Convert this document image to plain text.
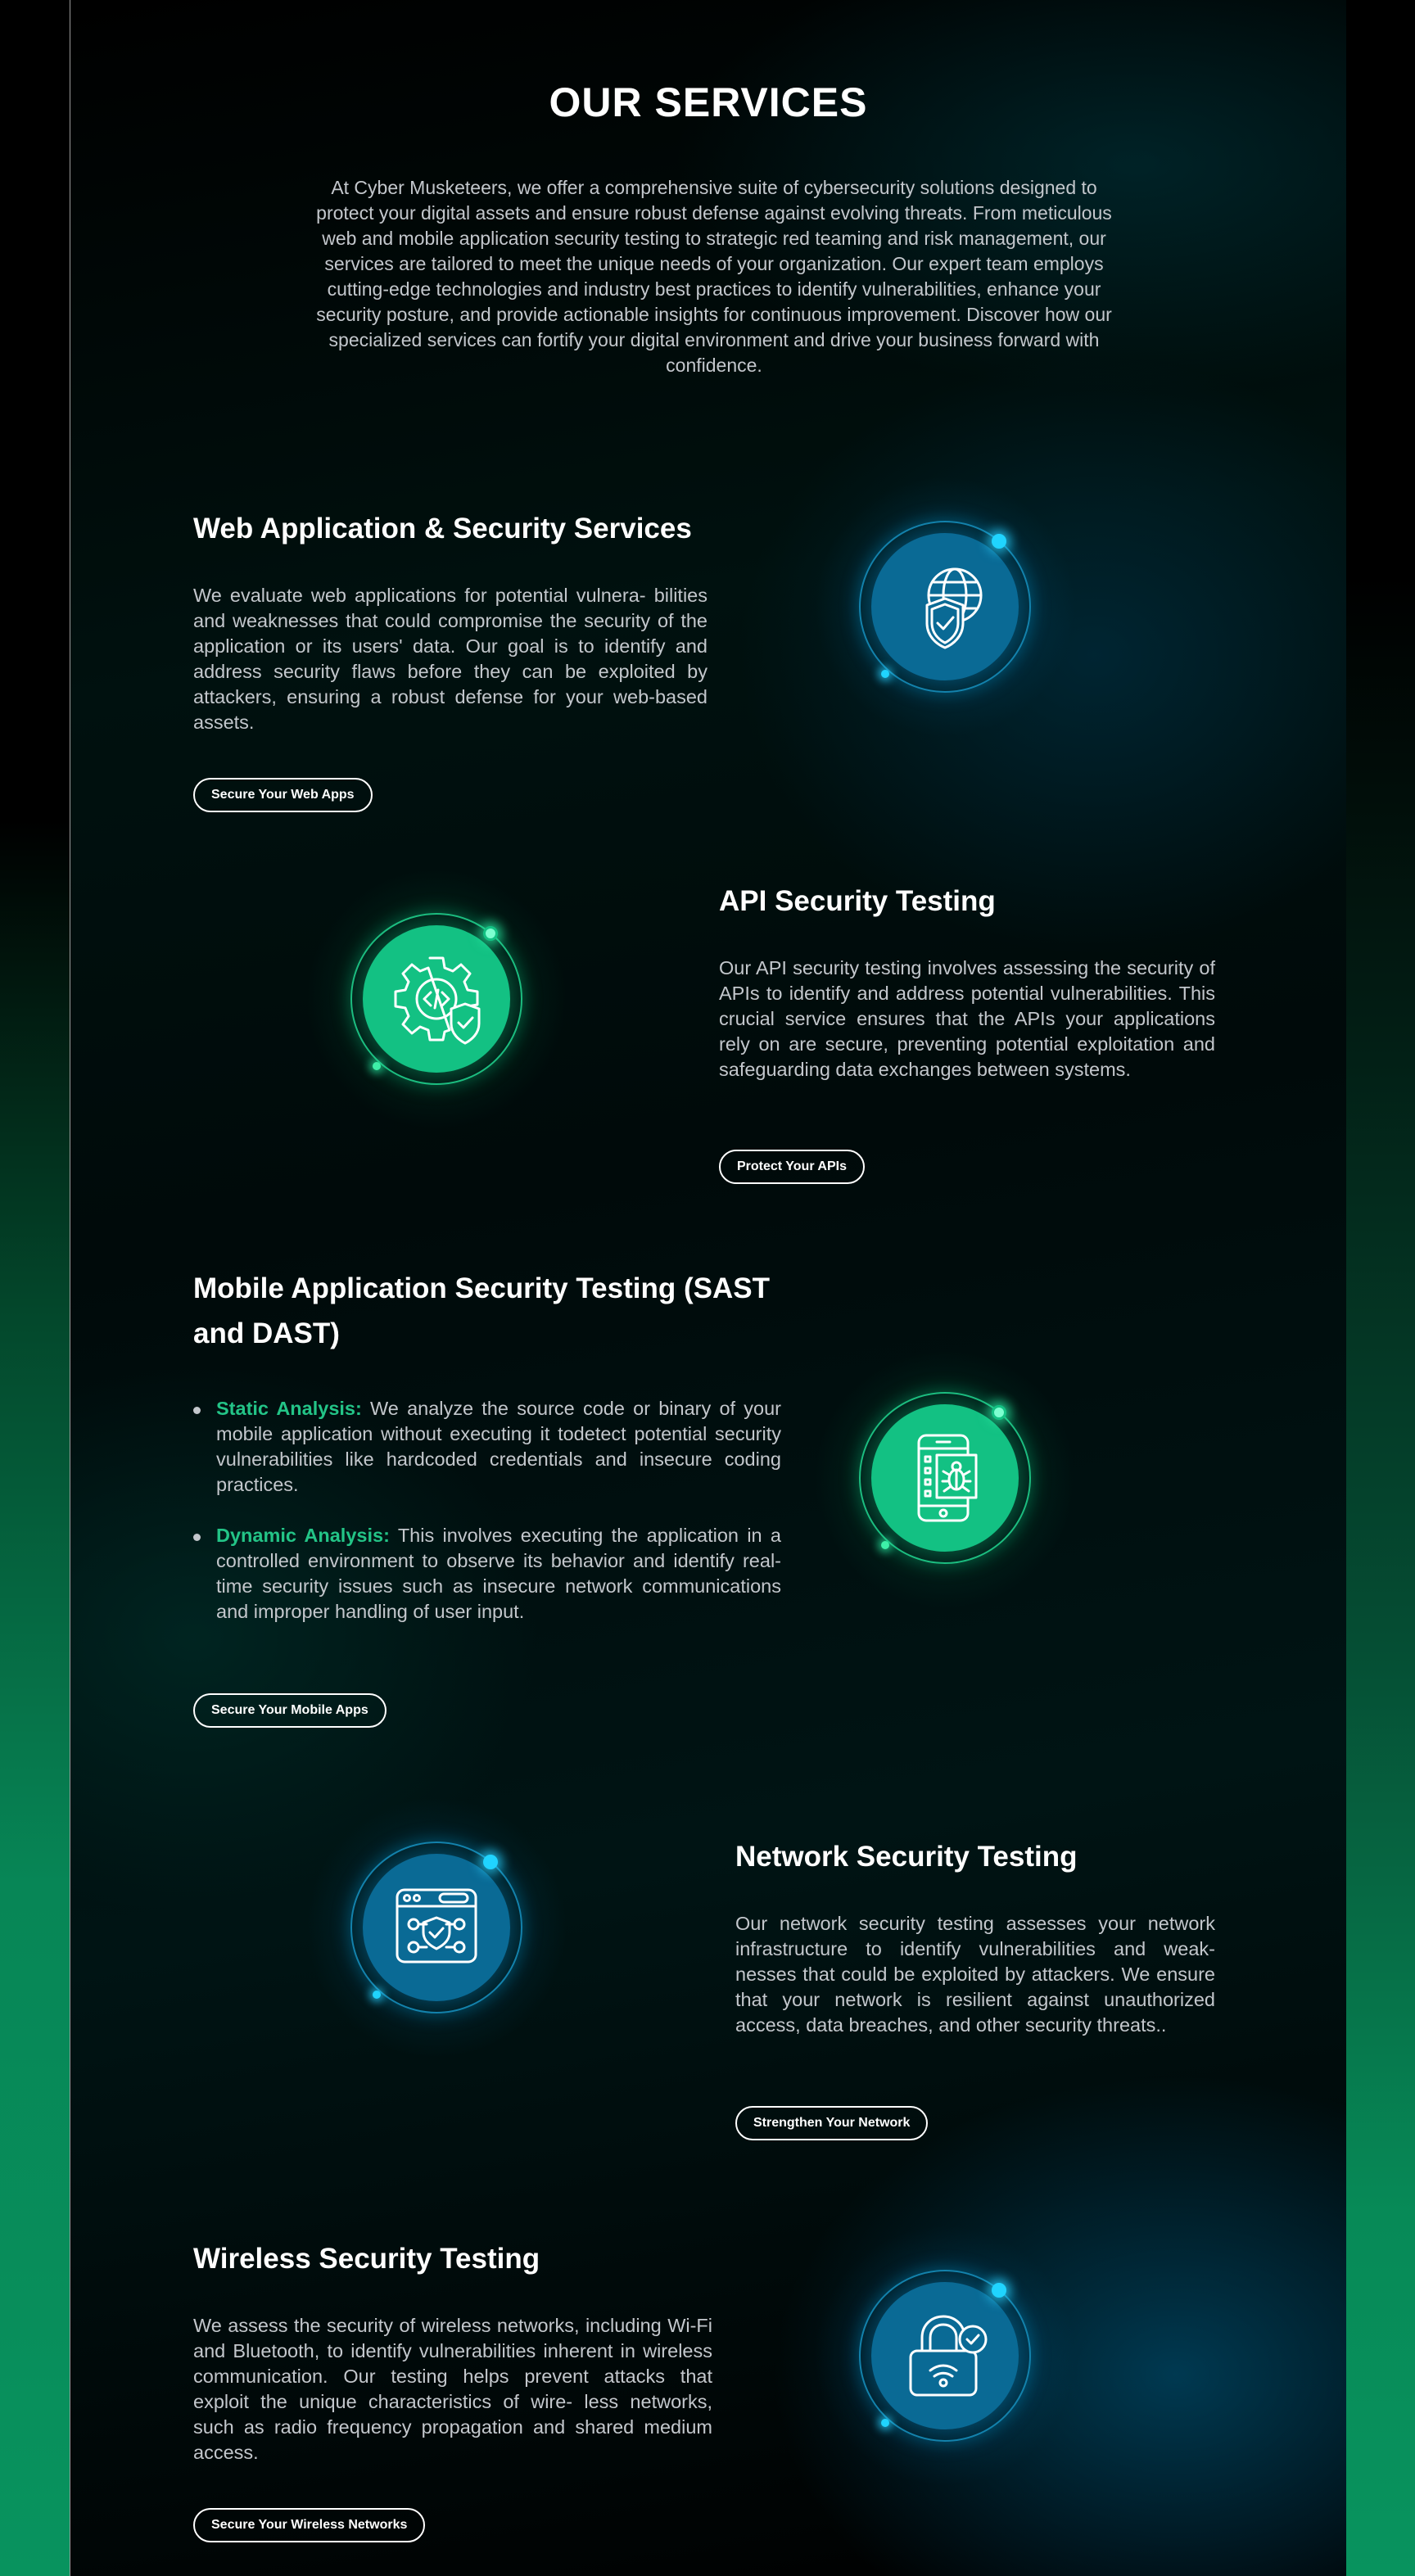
OUR SERVICES

At Cyber Musketeers, we offer a comprehensive suite of cybersecurity solutions designed to protect your digital assets and ensure robust defense against evolving threats. From meticulous web and mobile application security testing to strategic red teaming and risk management, our services are tailored to meet the unique needs of your organization. Our expert team employs cutting-edge technologies and industry best practices to identify vulnerabilities, enhance your security posture, and provide actionable insights for continuous improvement. Discover how our specialized services can fortify your digital environment and drive your business forward with confidence.

Web Application & Security Services

We evaluate web applications for potential vulnera- bilities and weaknesses that could compromise the security of the application or its users' data. Our goal is to identify and address security flaws before they can be exploited by attackers, ensuring a robust defense for your web-based assets.

Secure Your Web Apps
API Security Testing

Our API security testing involves assessing the security of APIs to identify and address potential vulnerabilities. This crucial service ensures that the APIs your applications rely on are secure, preventing potential exploitation and safeguarding data exchanges between systems.

Protect Your APIs
Mobile Application Security Testing (SAST and DAST)
Static Analysis: We analyze the source code or binary of your mobile application without executing it todetect potential security vulnerabilities like hardcoded credentials and insecure coding practices.
Dynamic Analysis: This involves executing the application in a controlled environment to observe its behavior and identify real-time security issues such as insecure network communications and improper handling of user input.
Secure Your Mobile Apps
Network Security Testing

Our network security testing assesses your network infrastructure to identify vulnerabilities and weak- nesses that could be exploited by attackers. We ensure that your network is resilient against unauthorized access, data breaches, and other security threats..

Strengthen Your Network
Wireless Security Testing

We assess the security of wireless networks, including Wi-Fi and Bluetooth, to identify vulnerabilities inherent in wireless communication. Our testing helps prevent attacks that exploit the unique characteristics of wire- less networks, such as radio frequency propagation and shared medium access.

Secure Your Wireless Networks
